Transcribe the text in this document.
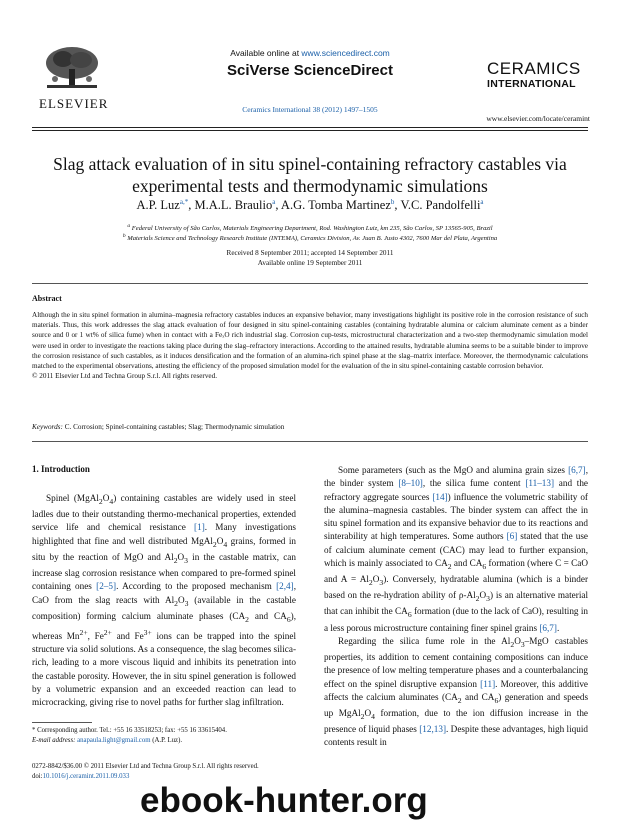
ELSEVIER
Available online at www.sciencedirect.com
SciVerse ScienceDirect
Ceramics International 38 (2012) 1497–1505
CERAMICS
INTERNATIONAL
www.elsevier.com/locate/ceramint
Slag attack evaluation of in situ spinel-containing refractory castables via
experimental tests and thermodynamic simulations
A.P. Luz$^{a,*}$, M.A.L. Braulio$^a$, A.G. Tomba Martinez$^b$, V.C. Pandolfelli$^a$
$^a$ Federal University of São Carlos, Materials Engineering Department, Rod. Washington Luiz, km 235, São Carlos, SP 13565-905, Brazil
$^b$ Materials Science and Technology Research Institute (INTEMA), Ceramics Division, Av. Juan B. Justo 4302, 7600 Mar del Plata, Argentina
Received 8 September 2011; accepted 14 September 2011
Available online 19 September 2011
Abstract
Although the in situ spinel formation in alumina–magnesia refractory castables induces an expansive behavior, many investigations highlight its positive role in the corrosion resistance of such materials. Thus, this work addresses the slag attack evaluation of four designed in situ spinel-containing castables (containing hydratable alumina or calcium aluminate cement as a binder source and 0 or 1 wt% of silica fume) when in contact with a FeₓO rich industrial slag. Corrosion cup-tests, microstructural characterization and a two-step thermodynamic simulation model were used in order to investigate the reactions taking place during the slag–refractory interactions. According to the attained results, hydratable alumina seems to be a suitable binder to improve the corrosion resistance of such castables, as it induces densification and the formation of an alumina-rich spinel phase at the slag–matrix interface. Moreover, the thermodynamic calculations matched to the experimental observations, attesting the efficiency of the proposed simulation model for the evaluation of the in situ spinel-containing castable corrosion behavior.
© 2011 Elsevier Ltd and Techna Group S.r.l. All rights reserved.
Keywords: C. Corrosion; Spinel-containing castables; Slag; Thermodynamic simulation
1. Introduction

Spinel $(MgAl_2O_4)$ containing castables are widely used in steel ladles due to their outstanding thermo-mechanical properties, extended service life and chemical resistance [1]. Many investigations highlighted that fine and well distributed $MgAl_2O_4$ grains, formed in situ by the reaction of MgO and $Al_2O_3$ in the castable matrix, can increase slag corrosion resistance when compared to pre-formed spinel containing ones [2–5]. According to the proposed mechanism [2,4], CaO from the slag reacts with $Al_2O_3$ (available in the castable composition) forming calcium aluminate phases ($CA_2$ and $CA_6$), whereas $Mn^{2+}$, $Fe^{2+}$ and $Fe^{3+}$ ions can be trapped into the spinel structure via solid solutions. As a consequence, the slag becomes silica-rich, leading to a more viscous liquid and inhibits its penetration into the castable porosity. However, the in situ spinel generation is followed by a volumetric expansion and an exceeded reaction can lead to microcracking, giving rise to novel paths for further slag infiltration.

Some parameters (such as the MgO and alumina grain sizes [6,7], the binder system [8–10], the silica fume content [11–13] and the refractory aggregate sources [14]) influence the volumetric stability of the alumina–magnesia castables. The binder system can affect the in situ spinel formation and its expansive behavior due to its reactions and sinterability at high temperatures. Some authors [6] stated that the use of calcium aluminate cement (CAC) may lead to further expansion, which is mainly associated to $CA_2$ and $CA_6$ formation (where C = CaO and $A = Al_2O_3$). Conversely, hydratable alumina (which is a binder based on the re-hydration ability of $\rho-Al_2O_3$) is an alternative material that can inhibit the $CA_6$ formation (due to the lack of CaO), resulting in a less porous microstructure containing finer spinel grains [6,7].

Regarding the silica fume role in the $Al_2O_3$–MgO castables properties, its addition to cement containing compositions can induce the presence of low melting temperature phases and a counterbalancing effect on the spinel disruptive expansion [11]. Moreover, this additive affects the calcium aluminates ($CA_2$ and $CA_6$) generation and speeds up $MgAl_2O_4$ formation, due to the ion diffusion increase in the presence of liquid phases [12,13]. Despite these advantages, high liquid contents result in

* Corresponding author. Tel.: +55 16 33518253; fax: +55 16 33615404.
E-mail address: anapaula.light@gmail.com (A.P. Luz).
0272-8842/$36.00 © 2011 Elsevier Ltd and Techna Group S.r.l. All rights reserved.
doi:10.1016/j.ceramint.2011.09.033
ebook-hunter.org
